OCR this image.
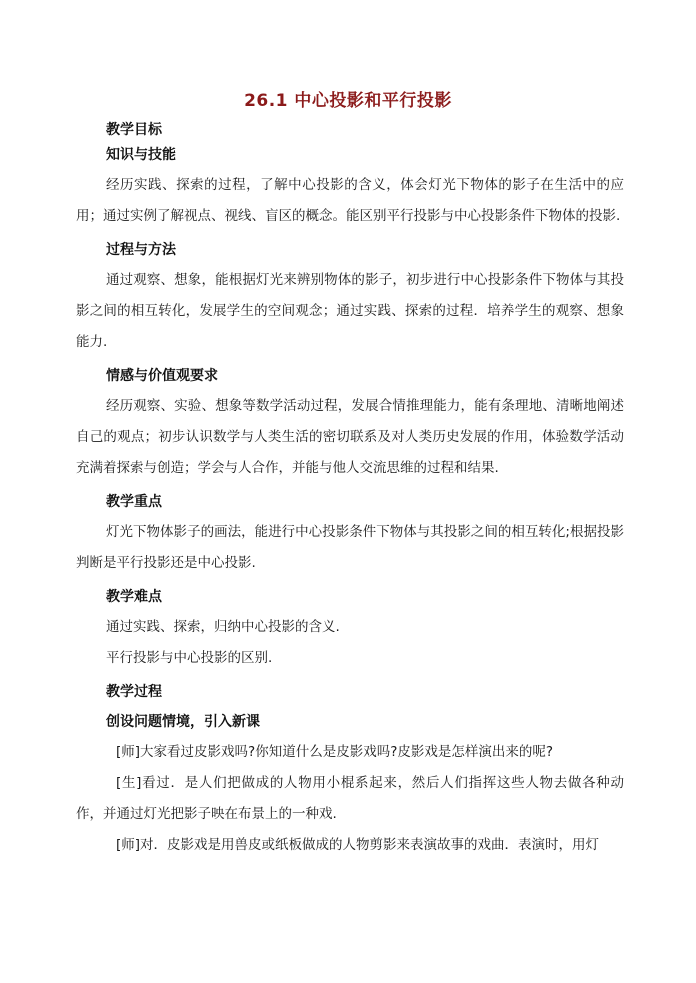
26.1 中心投影和平行投影
教学目标
知识与技能
经历实践、探索的过程，了解中心投影的含义，体会灯光下物体的影子在生活中的应用；通过实例了解视点、视线、盲区的概念。能区别平行投影与中心投影条件下物体的投影.
过程与方法
通过观察、想象，能根据灯光来辨别物体的影子，初步进行中心投影条件下物体与其投影之间的相互转化，发展学生的空间观念；通过实践、探索的过程．培养学生的观察、想象能力.
情感与价值观要求
经历观察、实验、想象等数学活动过程，发展合情推理能力，能有条理地、清晰地阐述自己的观点；初步认识数学与人类生活的密切联系及对人类历史发展的作用，体验数学活动充满着探索与创造；学会与人合作，并能与他人交流思维的过程和结果.
教学重点
灯光下物体影子的画法，能进行中心投影条件下物体与其投影之间的相互转化;根据投影判断是平行投影还是中心投影.
教学难点
通过实践、探索，归纳中心投影的含义.
平行投影与中心投影的区别.
教学过程
创设问题情境，引入新课
[师]大家看过皮影戏吗?你知道什么是皮影戏吗?皮影戏是怎样演出来的呢?
[生]看过．是人们把做成的人物用小棍系起来，然后人们指挥这些人物去做各种动作，并通过灯光把影子映在布景上的一种戏.
[师]对．皮影戏是用兽皮或纸板做成的人物剪影来表演故事的戏曲．表演时，用灯
